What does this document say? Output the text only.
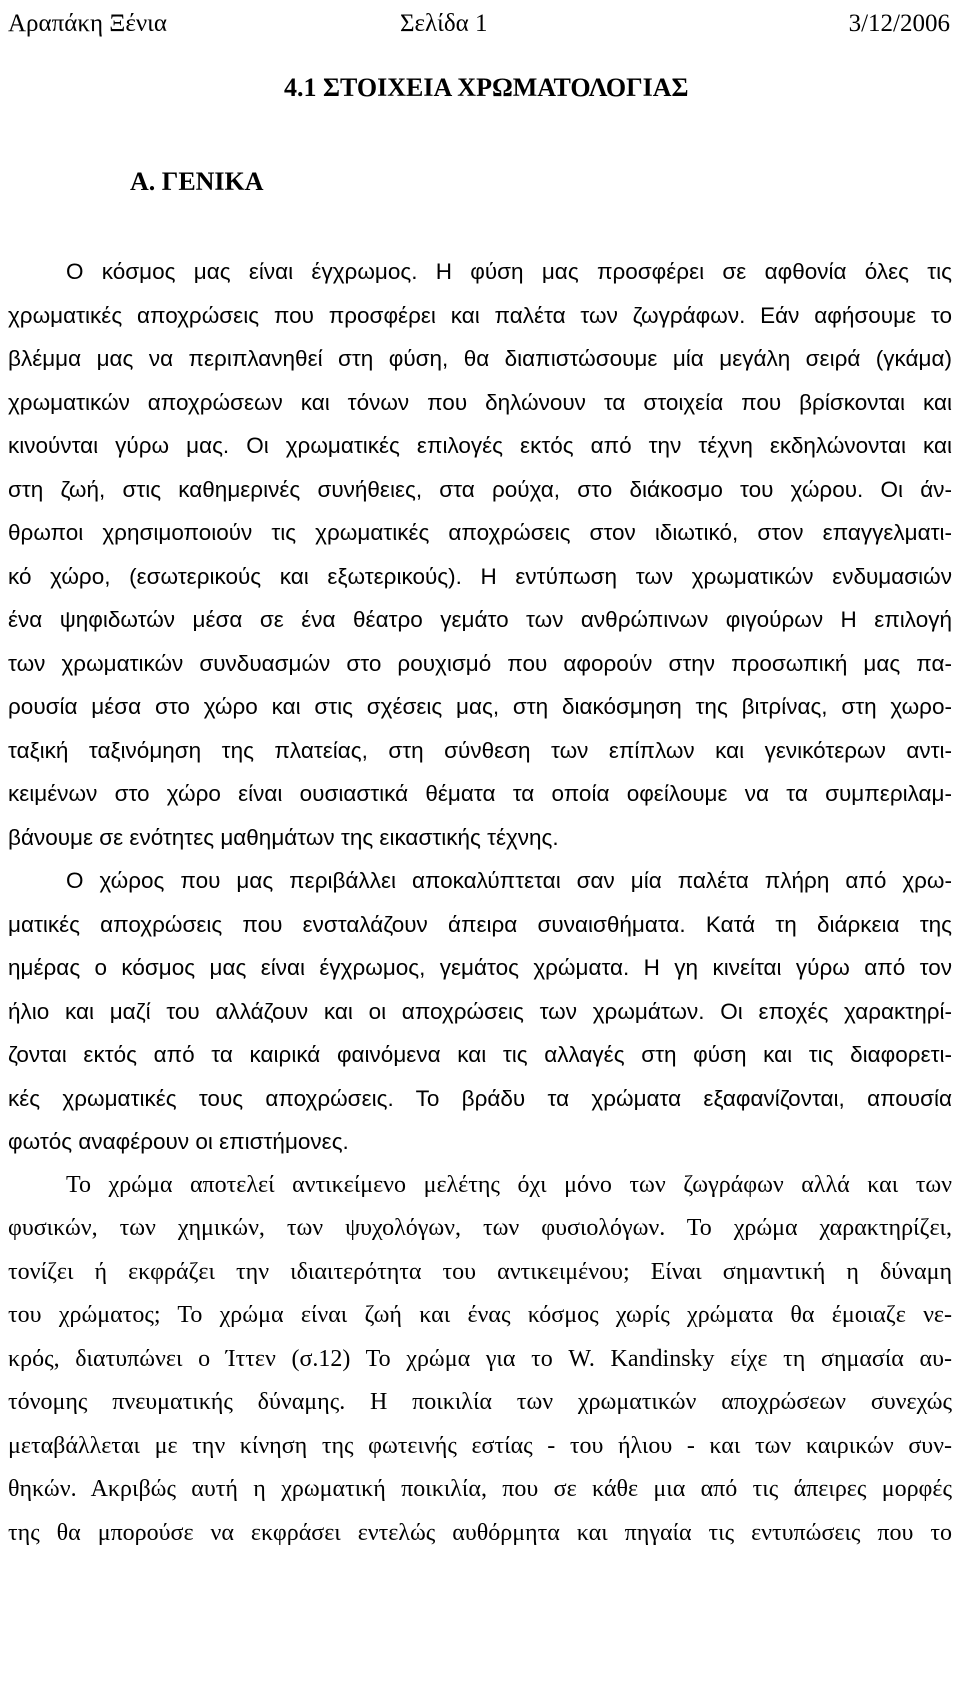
Αραπάκη Ξένια	Σελίδα 1	3/12/2006
4.1 ΣΤΟΙΧΕΙΑ ΧΡΩΜΑΤΟΛΟΓΙΑΣ
Α. ΓΕΝΙΚΑ
Ο κόσμος μας είναι έγχρωμος. Η φύση μας προσφέρει σε αφθονία όλες τις
χρωματικές αποχρώσεις που προσφέρει και παλέτα των ζωγράφων. Εάν αφήσουμε το
βλέμμα μας να περιπλανηθεί στη φύση, θα διαπιστώσουμε μία μεγάλη σειρά (γκάμα)
χρωματικών αποχρώσεων και τόνων που δηλώνουν τα στοιχεία που βρίσκονται και
κινούνται γύρω μας. Οι χρωματικές επιλογές εκτός από την τέχνη εκδηλώνονται και
στη ζωή, στις καθημερινές συνήθειες, στα ρούχα, στο διάκοσμο του χώρου. Οι άν-
θρωποι χρησιμοποιούν τις χρωματικές αποχρώσεις στον ιδιωτικό, στον επαγγελματι-
κό χώρο, (εσωτερικούς και εξωτερικούς). Η εντύπωση των χρωματικών ενδυμασιών
ένα ψηφιδωτών μέσα σε ένα θέατρο γεμάτο των ανθρώπινων φιγούρων Η επιλογή
των χρωματικών συνδυασμών στο ρουχισμό που αφορούν στην προσωπική μας πα-
ρουσία μέσα στο χώρο και στις σχέσεις μας, στη διακόσμηση της βιτρίνας, στη χωρο-
ταξική ταξινόμηση της πλατείας, στη σύνθεση των επίπλων και γενικότερων αντι-
κειμένων στο χώρο είναι ουσιαστικά θέματα τα οποία οφείλουμε να τα συμπεριλαμ-
βάνουμε σε ενότητες μαθημάτων της εικαστικής τέχνης.
Ο χώρος που μας περιβάλλει αποκαλύπτεται σαν μία παλέτα πλήρη από χρω-
ματικές αποχρώσεις που ενσταλάζουν άπειρα συναισθήματα. Κατά τη διάρκεια της
ημέρας ο κόσμος μας είναι έγχρωμος, γεμάτος χρώματα. Η γη κινείται γύρω από τον
ήλιο και μαζί του αλλάζουν και οι αποχρώσεις των χρωμάτων. Οι εποχές χαρακτηρί-
ζονται εκτός από τα καιρικά φαινόμενα και τις αλλαγές στη φύση και τις διαφορετι-
κές χρωματικές τους αποχρώσεις. Το βράδυ τα χρώματα εξαφανίζονται, απουσία
φωτός αναφέρουν οι επιστήμονες.
Το χρώμα αποτελεί αντικείμενο μελέτης όχι μόνο των ζωγράφων αλλά και των
φυσικών, των χημικών, των ψυχολόγων, των φυσιολόγων. Το χρώμα χαρακτηρίζει,
τονίζει ή εκφράζει την ιδιαιτερότητα του αντικειμένου; Είναι σημαντική η δύναμη
του χρώματος; Το χρώμα είναι ζωή και ένας κόσμος χωρίς χρώματα θα έμοιαζε νε-
κρός, διατυπώνει ο Ίττεν (σ.12) Το χρώμα για το W. Kandinsky είχε τη σημασία αυ-
τόνομης πνευματικής δύναμης. Η ποικιλία των χρωματικών αποχρώσεων συνεχώς
μεταβάλλεται με την κίνηση της φωτεινής εστίας - του ήλιου - και των καιρικών συν-
θηκών. Ακριβώς αυτή η χρωματική ποικιλία, που σε κάθε μια από τις άπειρες μορφές
της θα μπορούσε να εκφράσει εντελώς αυθόρμητα και πηγαία τις εντυπώσεις που το
